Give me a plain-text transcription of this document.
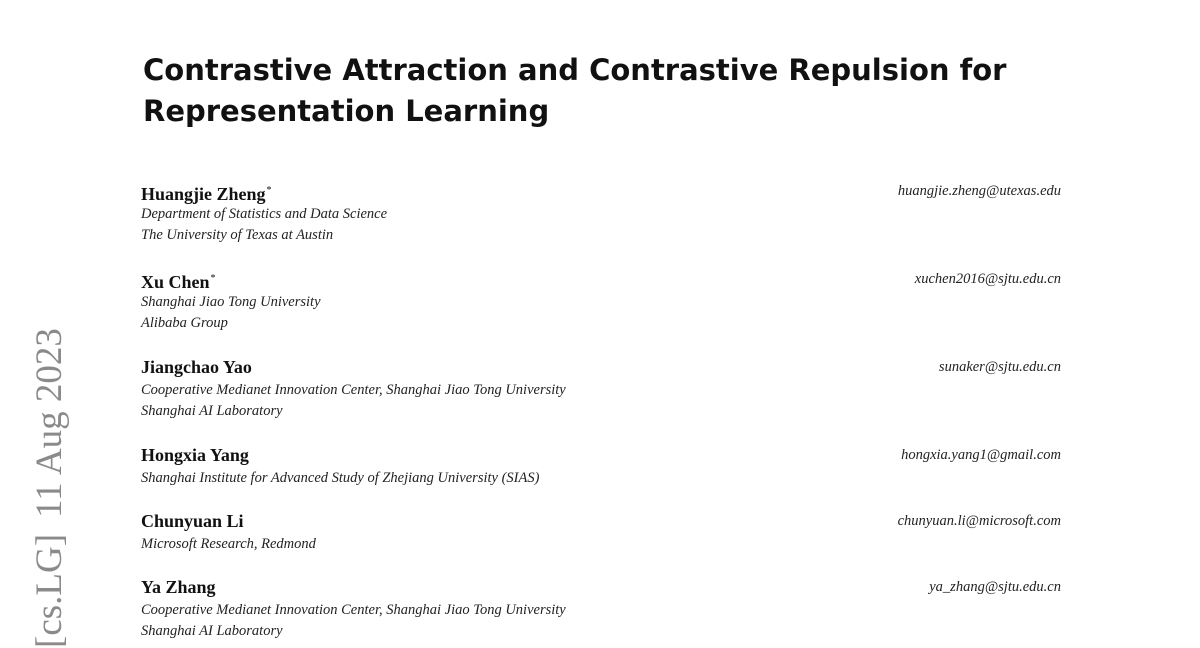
[cs.LG]11 Aug 2023
Contrastive Attraction and Contrastive Repulsion for
Representation Learning
Huangjie Zheng*	huangjie.zheng@utexas.edu
Department of Statistics and Data Science
The University of Texas at Austin
Xu Chen*	xuchen2016@sjtu.edu.cn
Shanghai Jiao Tong University
Alibaba Group
Jiangchao Yao	sunaker@sjtu.edu.cn
Cooperative Medianet Innovation Center, Shanghai Jiao Tong University
Shanghai AI Laboratory
Hongxia Yang	hongxia.yang1@gmail.com
Shanghai Institute for Advanced Study of Zhejiang University (SIAS)
Chunyuan Li	chunyuan.li@microsoft.com
Microsoft Research, Redmond
Ya Zhang	ya_zhang@sjtu.edu.cn
Cooperative Medianet Innovation Center, Shanghai Jiao Tong University
Shanghai AI Laboratory
